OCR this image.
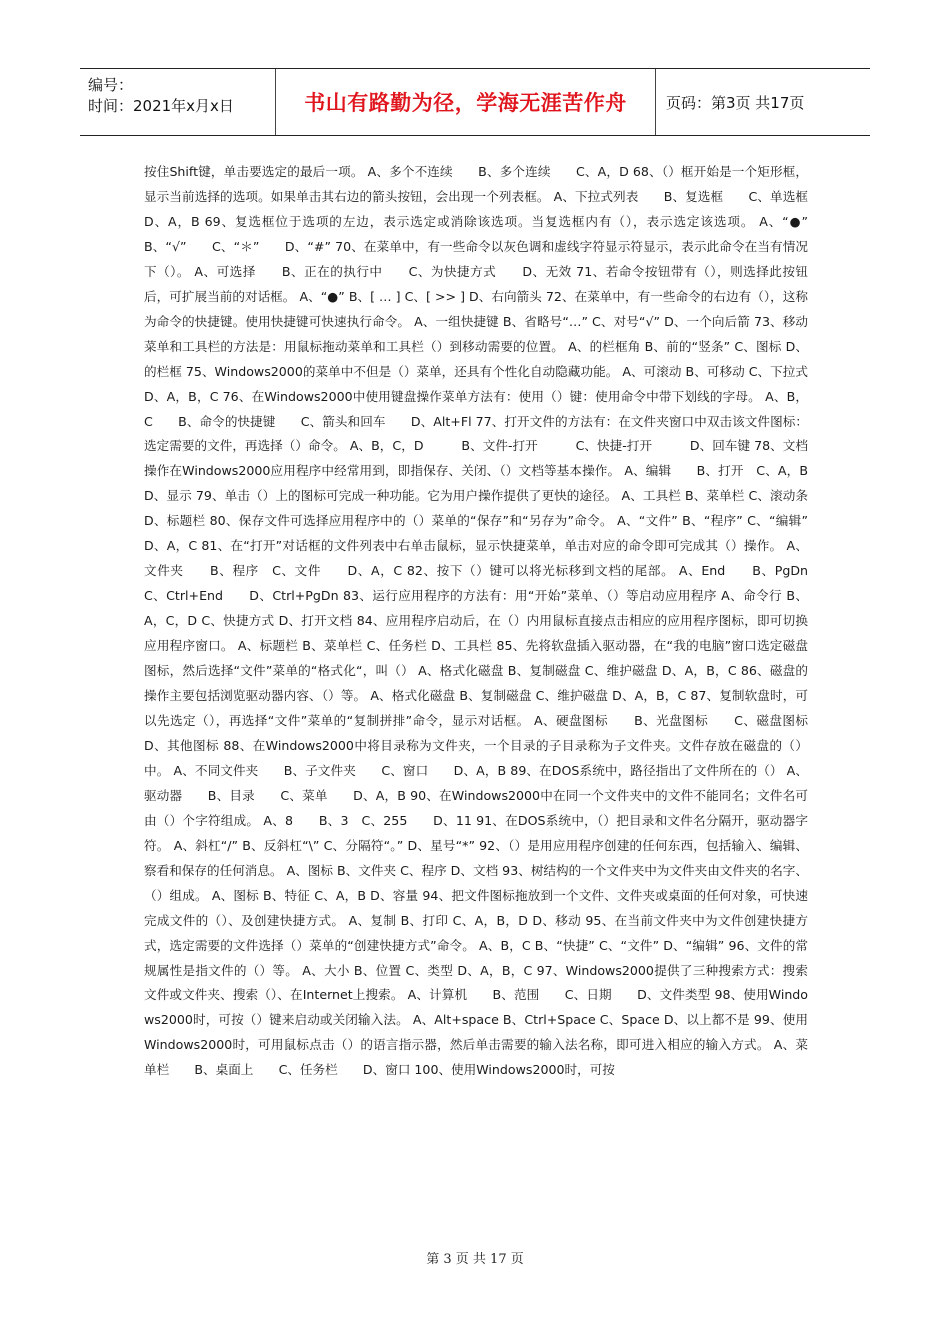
编号：
时间：2021年x月x日	书山有路勤为径，学海无涯苦作舟	页码：第3页 共17页
按住Shift键，单击要选定的最后一项。 A、多个不连续　　B、多个连续　　C、A，D 68、（）框开始是一个矩形框，显示当前选择的选项。如果单击其右边的箭头按钮，会出现一个列表框。 A、下拉式列表　　B、复选框　　C、单选框　　D、A，B 69、复选框位于选项的左边，表示选定或消除该选项。当复选框内有（），表示选定该选项。 A、“●”　　B、“√”　　C、“＊”　　D、“#” 70、在菜单中，有一些命令以灰色调和虚线字符显示符显示，表示此命令在当有情况下（）。 A、可选择　　B、正在的执行中　　C、为快捷方式　　D、无效 71、若命令按钮带有（），则选择此按钮后，可扩展当前的对话框。 A、“●” B、[ … ] C、[ >> ] D、右向箭头 72、在菜单中，有一些命令的右边有（），这称为命令的快捷键。使用快捷键可快速执行命令。 A、一组快捷键 B、省略号“…” C、对号“√” D、一个向后箭 73、移动菜单和工具栏的方法是：用鼠标拖动菜单和工具栏（）到移动需要的位置。 A、的栏框角 B、前的“竖条” C、图标 D、的栏框 75、Windows2000的菜单中不但是（）菜单，还具有个性化自动隐藏功能。 A、可滚动 B、可移动 C、下拉式 D、A，B，C 76、在Windows2000中使用键盘操作菜单方法有：使用（）键：使用命令中带下划线的字母。 A、B，C　　B、命令的快捷键　　C、箭头和回车　　D、Alt+Fl 77、打开文件的方法有：在文件夹窗口中双击该文件图标：选定需要的文件，再选择（）命令。 A、B，C，D　　　B、文件-打开　　　C、快捷-打开　　　D、回车键 78、文档操作在Windows2000应用程序中经常用到，即指保存、关闭、（）文档等基本操作。 A、编辑　　B、打开　C、A，B　　D、显示 79、单击（）上的图标可完成一种功能。它为用户操作提供了更快的途径。 A、工具栏 B、菜单栏 C、滚动条　　D、标题栏 80、保存文件可选择应用程序中的（）菜单的“保存”和“另存为”命令。 A、“文件” B、“程序” C、“编辑” D、A，C 81、在“打开”对话框的文件列表中右单击鼠标，显示快捷菜单，单击对应的命令即可完成其（）操作。 A、文件夹　　B、程序　C、文件　　D、A，C 82、按下（）键可以将光标移到文档的尾部。 A、End　　B、PgDn　C、Ctrl+End　　D、Ctrl+PgDn 83、运行应用程序的方法有：用“开始”菜单、（）等启动应用程序 A、命令行 B、A，C，D C、快捷方式 D、打开文档 84、应用程序启动后，在（）内用鼠标直接点击相应的应用程序图标，即可切换应用程序窗口。 A、标题栏 B、菜单栏 C、任务栏 D、工具栏 85、先将软盘插入驱动器，在“我的电脑”窗口选定磁盘图标，然后选择“文件”菜单的“格式化“，叫（） A、格式化磁盘 B、复制磁盘 C、维护磁盘 D、A，B，C 86、磁盘的操作主要包括浏览驱动器内容、（）等。 A、格式化磁盘 B、复制磁盘 C、维护磁盘 D、A，B，C 87、复制软盘时，可以先选定（），再选择“文件”菜单的“复制拼排”命令，显示对话框。 A、硬盘图标　　B、光盘图标　　C、磁盘图标 D、其他图标 88、在Windows2000中将目录称为文件夹，一个目录的子目录称为子文件夹。文件存放在磁盘的（）中。 A、不同文件夹　　B、子文件夹　　C、窗口　　D、A，B 89、在DOS系统中，路径指出了文件所在的（） A、驱动器　　B、目录　　C、菜单　　D、A，B 90、在Windows2000中在同一个文件夹中的文件不能同名；文件名可由（）个字符组成。 A、8　　B、3　C、255　　D、11 91、在DOS系统中，（）把目录和文件名分隔开，驱动器字符。 A、斜杠“/” B、反斜杠“\” C、分隔符“。” D、星号“*” 92、（）是用应用程序创建的任何东西，包括输入、编辑、察看和保存的任何消息。 A、图标 B、文件夹 C、程序 D、文档 93、树结构的一个文件夹中为文件夹由文件夹的名字、（）组成。 A、图标 B、特征 C、A，B D、容量 94、把文件图标拖放到一个文件、文件夹或桌面的任何对象，可快速完成文件的（）、及创建快捷方式。 A、复制 B、打印 C、A，B，D D、移动 95、在当前文件夹中为文件创建快捷方式，选定需要的文件选择（）菜单的“创建快捷方式”命令。 A、B，C B、“快捷” C、“文件” D、“编辑” 96、文件的常规属性是指文件的（）等。 A、大小 B、位置 C、类型 D、A，B，C 97、Windows2000提供了三种搜索方式：搜索文件或文件夹、搜索（）、在Internet上搜索。 A、计算机　　B、范围　　C、日期　　D、文件类型 98、使用Windows2000时，可按（）键来启动或关闭输入法。 A、Alt+space B、Ctrl+Space C、Space D、以上都不是 99、使用Windows2000时，可用鼠标点击（）的语言指示器，然后单击需要的输入法名称，即可进入相应的输入方式。 A、菜单栏　　B、桌面上　　C、任务栏　　D、窗口 100、使用Windows2000时，可按
第 3 页 共 17 页
